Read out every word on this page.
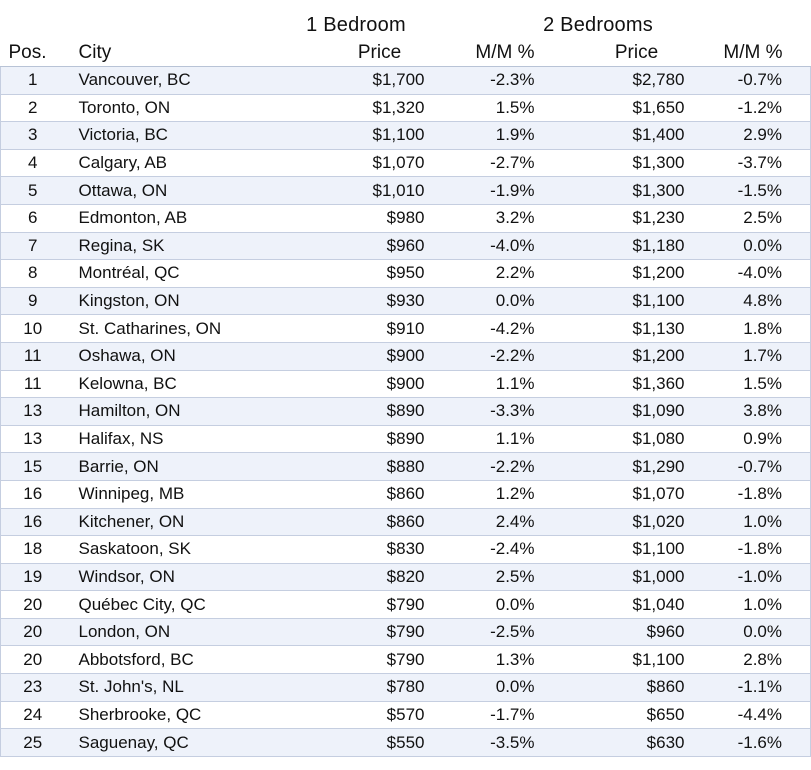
1 Bedroom	2 Bedrooms
Pos.	City	Price	M/M %	Price	M/M %
1	Vancouver, BC	$1,700	-2.3%	$2,780	-0.7%
2	Toronto, ON	$1,320	1.5%	$1,650	-1.2%
3	Victoria, BC	$1,100	1.9%	$1,400	2.9%
4	Calgary, AB	$1,070	-2.7%	$1,300	-3.7%
5	Ottawa, ON	$1,010	-1.9%	$1,300	-1.5%
6	Edmonton, AB	$980	3.2%	$1,230	2.5%
7	Regina, SK	$960	-4.0%	$1,180	0.0%
8	Montréal, QC	$950	2.2%	$1,200	-4.0%
9	Kingston, ON	$930	0.0%	$1,100	4.8%
10	St. Catharines, ON	$910	-4.2%	$1,130	1.8%
11	Oshawa, ON	$900	-2.2%	$1,200	1.7%
11	Kelowna, BC	$900	1.1%	$1,360	1.5%
13	Hamilton, ON	$890	-3.3%	$1,090	3.8%
13	Halifax, NS	$890	1.1%	$1,080	0.9%
15	Barrie, ON	$880	-2.2%	$1,290	-0.7%
16	Winnipeg, MB	$860	1.2%	$1,070	-1.8%
16	Kitchener, ON	$860	2.4%	$1,020	1.0%
18	Saskatoon, SK	$830	-2.4%	$1,100	-1.8%
19	Windsor, ON	$820	2.5%	$1,000	-1.0%
20	Québec City, QC	$790	0.0%	$1,040	1.0%
20	London, ON	$790	-2.5%	$960	0.0%
20	Abbotsford, BC	$790	1.3%	$1,100	2.8%
23	St. John's, NL	$780	0.0%	$860	-1.1%
24	Sherbrooke, QC	$570	-1.7%	$650	-4.4%
25	Saguenay, QC	$550	-3.5%	$630	-1.6%
